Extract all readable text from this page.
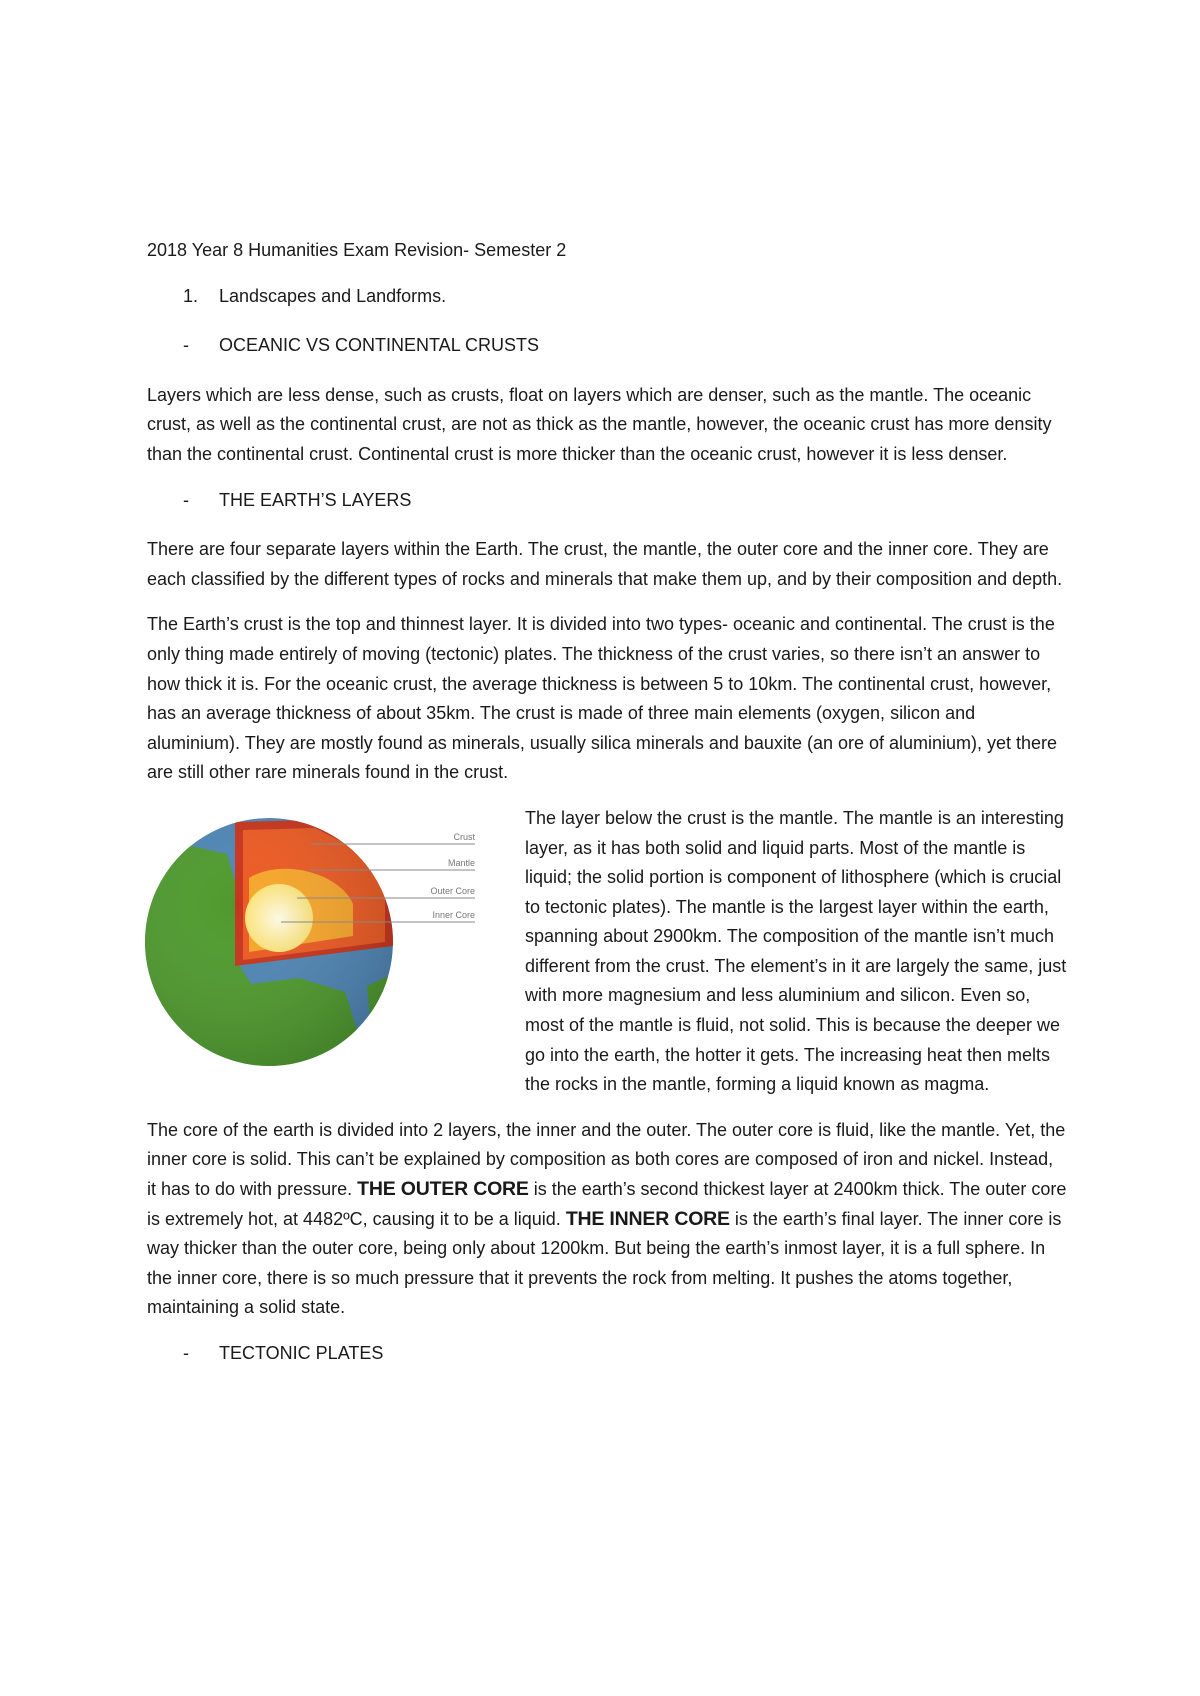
2018 Year 8 Humanities Exam Revision- Semester 2

1.	Landscapes and Landforms.
-	OCEANIC VS CONTINENTAL CRUSTS

Layers which are less dense, such as crusts, float on layers which are denser, such as the mantle. The oceanic crust, as well as the continental crust, are not as thick as the mantle, however, the oceanic crust has more density than the continental crust. Continental crust is more thicker than the oceanic crust, however it is less denser.

-	THE EARTH’S LAYERS

There are four separate layers within the Earth. The crust, the mantle, the outer core and the inner core. They are each classified by the different types of rocks and minerals that make them up, and by their composition and depth.

The Earth’s crust is the top and thinnest layer. It is divided into two types- oceanic and continental. The crust is the only thing made entirely of moving (tectonic) plates. The thickness of the crust varies, so there isn’t an answer to how thick it is. For the oceanic crust, the average thickness is between 5 to 10km. The continental crust, however, has an average thickness of about 35km. The crust is made of three main elements (oxygen, silicon and aluminium). They are mostly found as minerals, usually silica minerals and bauxite (an ore of aluminium), yet there are still other rare minerals found in the crust.

Crust
Mantle
Outer Core
Inner Core

The layer below the crust is the mantle. The mantle is an interesting layer, as it has both solid and liquid parts. Most of the mantle is liquid; the solid portion is component of lithosphere (which is crucial to tectonic plates). The mantle is the largest layer within the earth, spanning about 2900km. The composition of the mantle isn’t much different from the crust. The element’s in it are largely the same, just with more magnesium and less aluminium and silicon. Even so, most of the mantle is fluid, not solid. This is because the deeper we go into the earth, the hotter it gets. The increasing heat then melts the rocks in the mantle, forming a liquid known as magma.

The core of the earth is divided into 2 layers, the inner and the outer. The outer core is fluid, like the mantle. Yet, the inner core is solid. This can’t be explained by composition as both cores are composed of iron and nickel. Instead, it has to do with pressure. THE OUTER CORE is the earth’s second thickest layer at 2400km thick. The outer core is extremely hot, at 4482ºC, causing it to be a liquid. THE INNER CORE is the earth’s final layer. The inner core is way thicker than the outer core, being only about 1200km. But being the earth’s inmost layer, it is a full sphere. In the inner core, there is so much pressure that it prevents the rock from melting. It pushes the atoms together, maintaining a solid state.

-	TECTONIC PLATES
